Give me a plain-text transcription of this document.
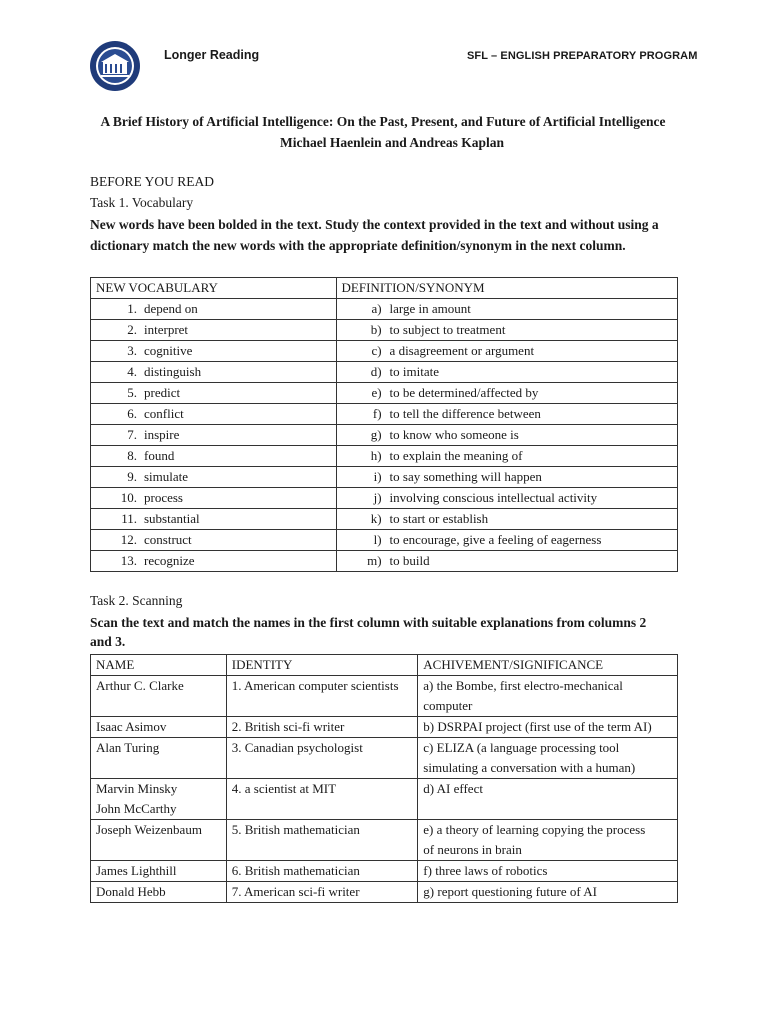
Longer Reading	SFL – ENGLISH PREPARATORY PROGRAM
A Brief History of Artificial Intelligence: On the Past, Present, and Future of Artificial Intelligence
Michael Haenlein and Andreas Kaplan
BEFORE YOU READ
Task 1. Vocabulary
New words have been bolded in the text. Study the context provided in the text and without using a
dictionary match the new words with the appropriate definition/synonym in the next column.
NEW VOCABULARY	DEFINITION/SYNONYM
1. depend on	a) large in amount
2. interpret	b) to subject to treatment
3. cognitive	c) a disagreement or argument
4. distinguish	d) to imitate
5. predict	e) to be determined/affected by
6. conflict	f) to tell the difference between
7. inspire	g) to know who someone is
8. found	h) to explain the meaning of
9. simulate	i) to say something will happen
10. process	j) involving conscious intellectual activity
11. substantial	k) to start or establish
12. construct	l) to encourage, give a feeling of eagerness
13. recognize	m) to build
Task 2. Scanning
Scan the text and match the names in the first column with suitable explanations from columns 2
and 3.
NAME	IDENTITY	ACHIVEMENT/SIGNIFICANCE

Arthur C. Clarke	1. American computer scientists	a) the Bombe, first electro-mechanical
computer

Isaac Asimov	2. British sci-fi writer	b) DSRPAI project (first use of the term AI)

Alan Turing	3. Canadian psychologist	c) ELIZA (a language processing tool
simulating a conversation with a human)

Marvin Minsky
John McCarthy	4. a scientist at MIT	d) AI effect

Joseph Weizenbaum	5. British mathematician	e) a theory of learning copying the process
of neurons in brain

James Lighthill	6. British mathematician	f) three laws of robotics

Donald Hebb	7. American sci-fi writer	g) report questioning future of AI
